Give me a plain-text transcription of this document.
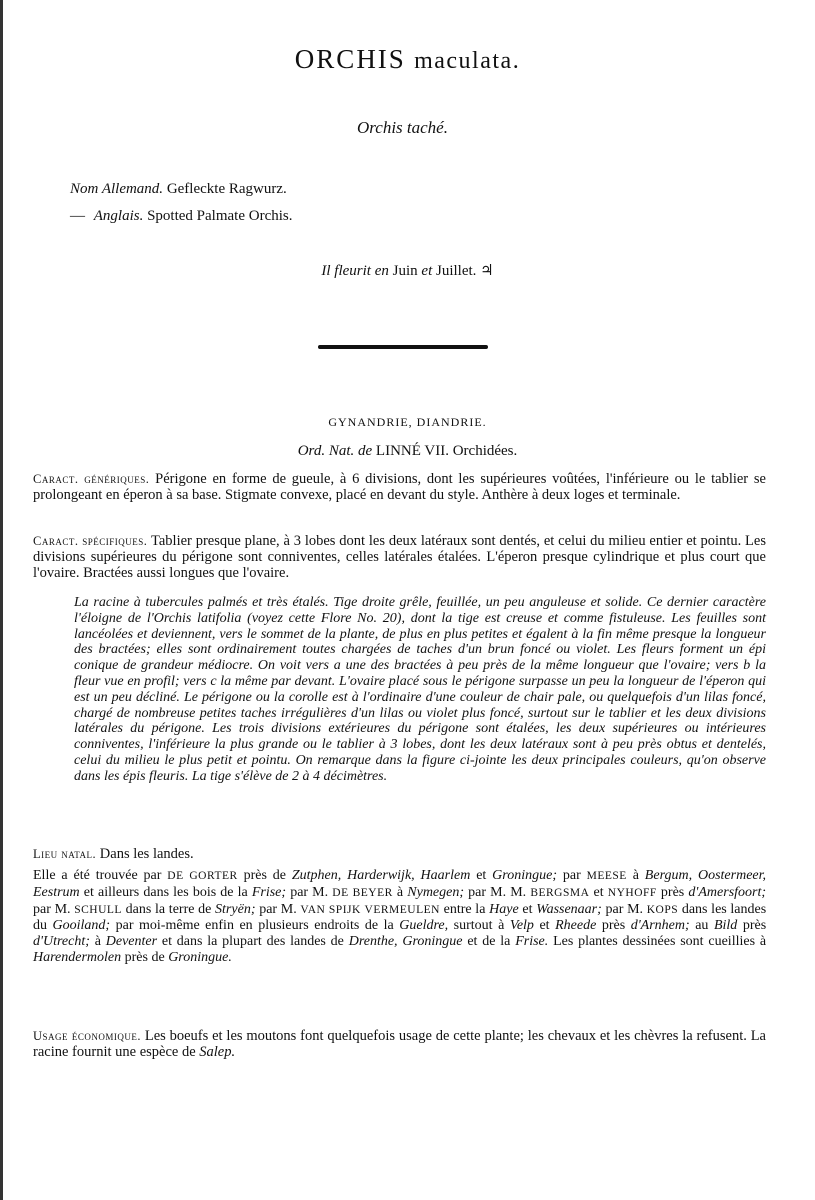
ORCHIS maculata.
Orchis taché.
Nom Allemand. Gefleckte Ragwurz.
— Anglais. Spotted Palmate Orchis.
Il fleurit en Juin et Juillet. ♃
GYNANDRIE, DIANDRIE.
Ord. Nat. de LINNÉ VII. Orchidées.
Caract. génériques. Périgone en forme de gueule, à 6 divisions, dont les supérieures voûtées, l'inférieure ou le tablier se prolongeant en éperon à sa base. Stigmate convexe, placé en devant du style. Anthère à deux loges et terminale.
Caract. spécifiques. Tablier presque plane, à 3 lobes dont les deux latéraux sont dentés, et celui du milieu entier et pointu. Les divisions supérieures du périgone sont conniventes, celles latérales étalées. L'éperon presque cylindrique et plus court que l'ovaire. Bractées aussi longues que l'ovaire.
La racine à tubercules palmés et très étalés. Tige droite grêle, feuillée, un peu anguleuse et solide. Ce dernier caractère l'éloigne de l'Orchis latifolia (voyez cette Flore No. 20), dont la tige est creuse et comme fistuleuse. Les feuilles sont lancéolées et deviennent, vers le sommet de la plante, de plus en plus petites et égalent à la fin même presque la longueur des bractées; elles sont ordinairement toutes chargées de taches d'un brun foncé ou violet. Les fleurs forment un épi conique de grandeur médiocre. On voit vers a une des bractées à peu près de la même longueur que l'ovaire; vers b la fleur vue en profil; vers c la même par devant. L'ovaire placé sous le périgone surpasse un peu la longueur de l'éperon qui est un peu décliné. Le périgone ou la corolle est à l'ordinaire d'une couleur de chair pale, ou quelquefois d'un lilas foncé, chargé de nombreuse petites taches irrégulières d'un lilas ou violet plus foncé, surtout sur le tablier et les deux divisions latérales du périgone. Les trois divisions extérieures du périgone sont étalées, les deux supérieures ou intérieures conniventes, l'inférieure la plus grande ou le tablier à 3 lobes, dont les deux latéraux sont à peu près obtus et dentelés, celui du milieu le plus petit et pointu. On remarque dans la figure ci-jointe les deux principales couleurs, qu'on observe dans les épis fleuris. La tige s'élève de 2 à 4 décimètres.
Lieu natal. Dans les landes.
Elle a été trouvée par DE GORTER près de Zutphen, Harderwijk, Haarlem et Groningue; par MEESE à Bergum, Oostermeer, Eestrum et ailleurs dans les bois de la Frise; par M. DE BEYER à Nymegen; par M. M. BERGSMA et NYHOFF près d'Amersfoort; par M. SCHULL dans la terre de Stryën; par M. VAN SPIJK VERMEULEN entre la Haye et Wassenaar; par M. KOPS dans les landes du Gooiland; par moi-même enfin en plusieurs endroits de la Gueldre, surtout à Velp et Rheede près d'Arnhem; au Bild près d'Utrecht; à Deventer et dans la plupart des landes de Drenthe, Groningue et de la Frise. Les plantes dessinées sont cueillies à Harendermolen près de Groningue.
Usage économique. Les boeufs et les moutons font quelquefois usage de cette plante; les chevaux et les chèvres la refusent. La racine fournit une espèce de Salep.
